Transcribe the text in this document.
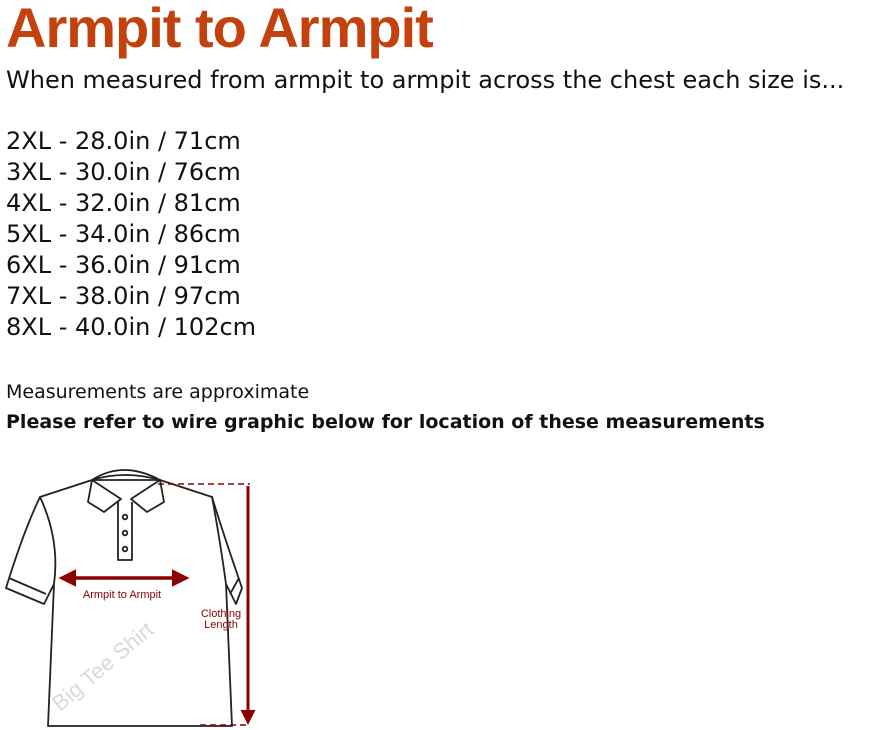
Armpit to Armpit

When measured from armpit to armpit across the chest each size is...

2XL - 28.0in / 71cm
3XL - 30.0in / 76cm
4XL - 32.0in / 81cm
5XL - 34.0in / 86cm
6XL - 36.0in / 91cm
7XL - 38.0in / 97cm
8XL - 40.0in / 102cm

Measurements are approximate

Please refer to wire graphic below for location of these measurements

Big Tee Shirt
Armpit to Armpit
Clothing
Length
